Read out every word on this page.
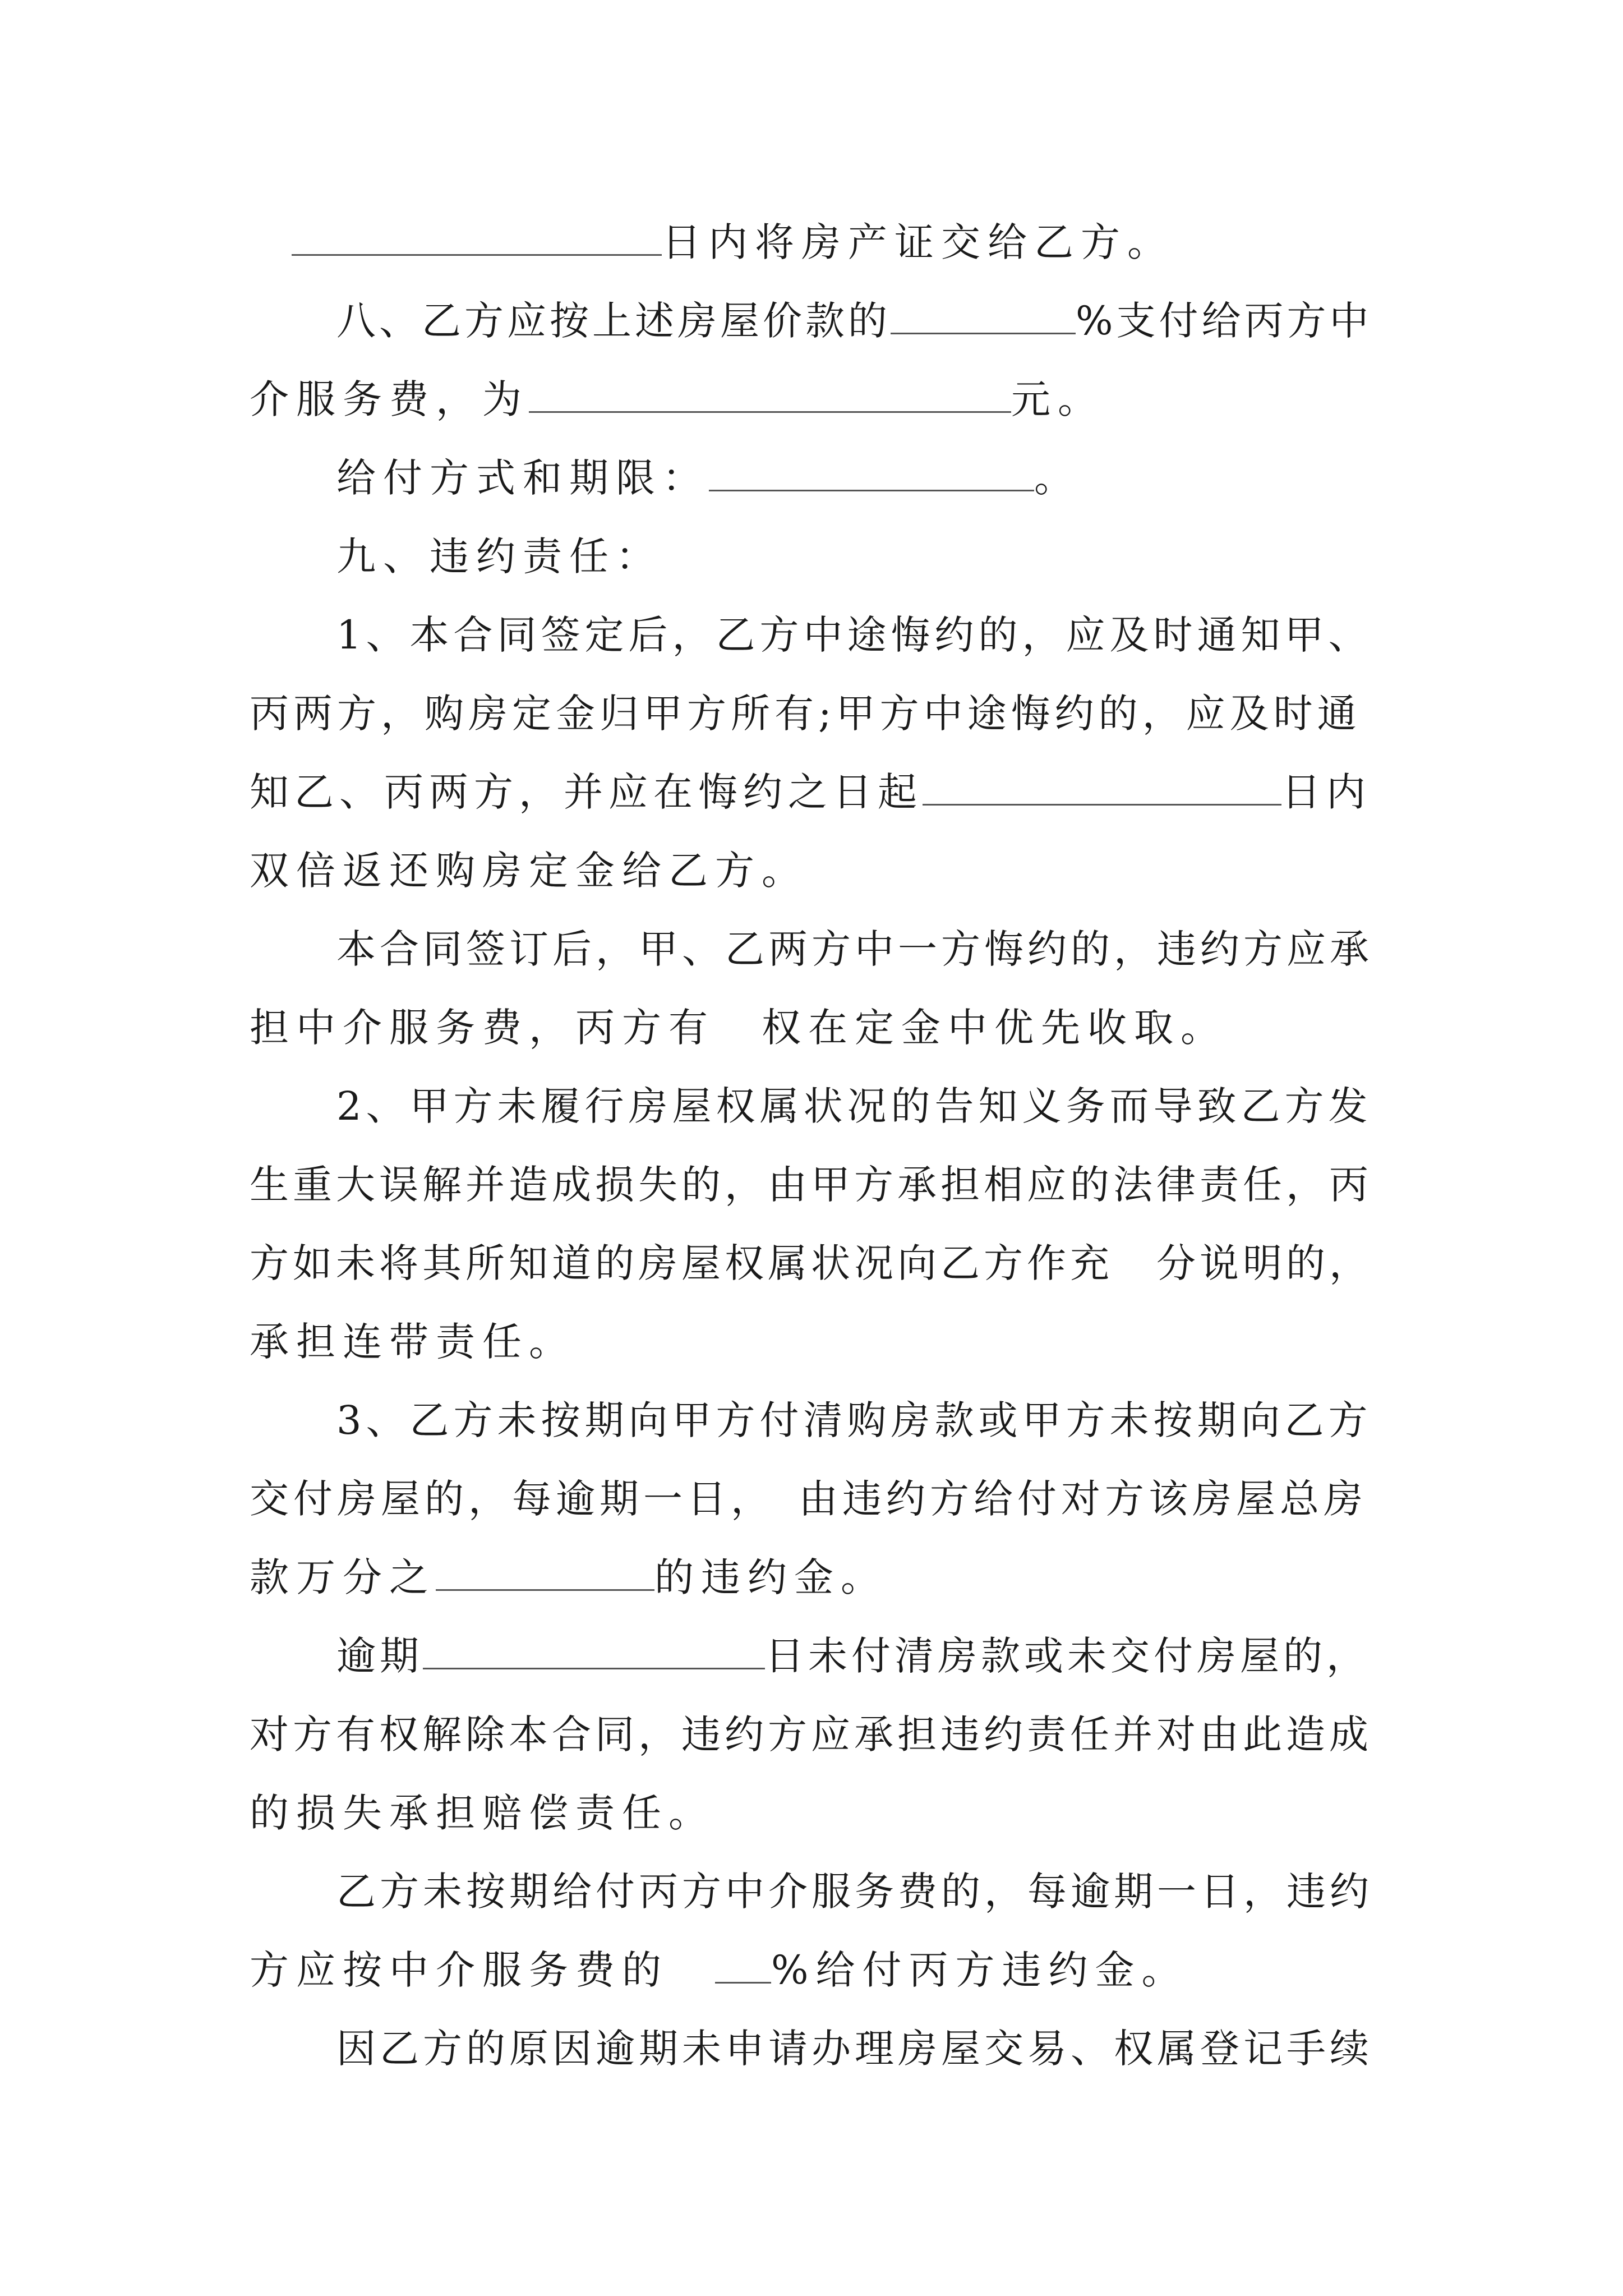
日内将房产证交给乙方。
八、乙方应按上述房屋价款的	%支付给丙方中
介服务费，为	元。
给付方式和期限：	。
九、违约责任：
1、本合同签定后，乙方中途悔约的，应及时通知甲、
丙两方，购房定金归甲方所有;甲方中途悔约的，应及时通
知乙、丙两方，并应在悔约之日起	日内
双倍返还购房定金给乙方。
本合同签订后，甲、乙两方中一方悔约的，违约方应承
担中介服务费，丙方有　权在定金中优先收取。
2、甲方未履行房屋权属状况的告知义务而导致乙方发
生重大误解并造成损失的，由甲方承担相应的法律责任，丙
方如未将其所知道的房屋权属状况向乙方作充　分说明的，
承担连带责任。
3、乙方未按期向甲方付清购房款或甲方未按期向乙方
交付房屋的，每逾期一日，　由违约方给付对方该房屋总房
款万分之	的违约金。
逾期	日未付清房款或未交付房屋的，
对方有权解除本合同，违约方应承担违约责任并对由此造成
的损失承担赔偿责任。
乙方未按期给付丙方中介服务费的，每逾期一日，违约
方应按中介服务费的　%给付丙方违约金。
因乙方的原因逾期未申请办理房屋交易、权属登记手续
